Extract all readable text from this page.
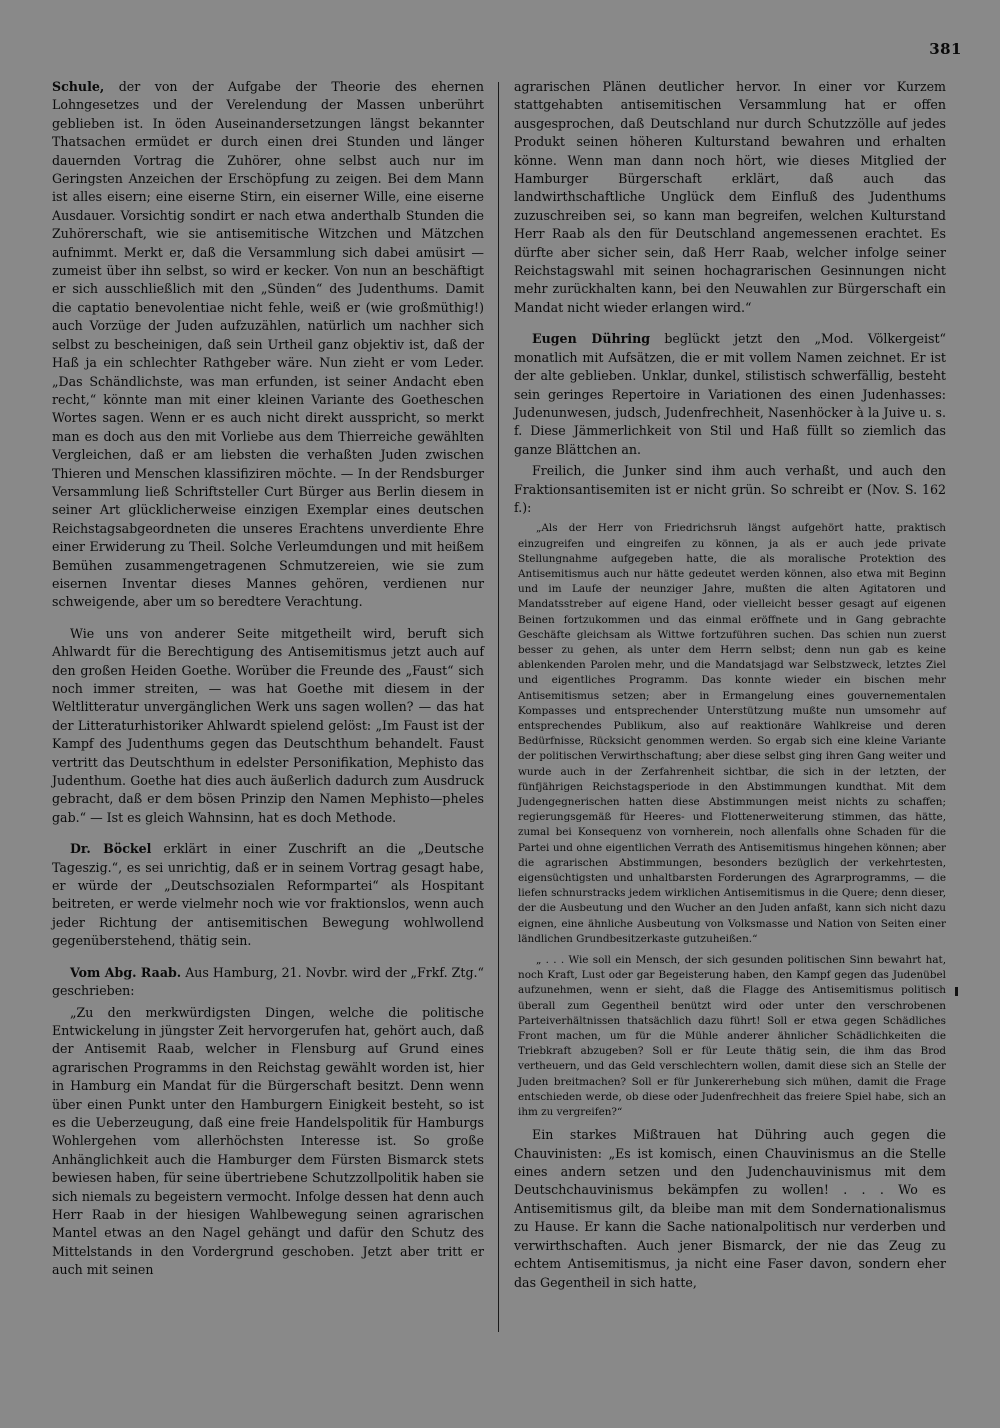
381

Schule, der von der Aufgabe der Theorie des ehernen Lohngesetzes und der Verelendung der Massen unberührt geblieben ist. In öden Auseinandersetzungen längst bekannter Thatsachen ermüdet er durch einen drei Stunden und länger dauernden Vortrag die Zuhörer, ohne selbst auch nur im Geringsten Anzeichen der Erschöpfung zu zeigen. Bei dem Mann ist alles eisern; eine eiserne Stirn, ein eiserner Wille, eine eiserne Ausdauer. Vorsichtig sondirt er nach etwa anderthalb Stunden die Zuhörerschaft, wie sie antisemitische Witzchen und Mätzchen aufnimmt. Merkt er, daß die Versammlung sich dabei amüsirt — zumeist über ihn selbst, so wird er kecker. Von nun an beschäftigt er sich ausschließlich mit den „Sünden“ des Judenthums. Damit die captatio benevolentiae nicht fehle, weiß er (wie großmüthig!) auch Vorzüge der Juden aufzuzählen, natürlich um nachher sich selbst zu bescheinigen, daß sein Urtheil ganz objektiv ist, daß der Haß ja ein schlechter Rathgeber wäre. Nun zieht er vom Leder. „Das Schändlichste, was man erfunden, ist seiner Andacht eben recht,“ könnte man mit einer kleinen Variante des Goetheschen Wortes sagen. Wenn er es auch nicht direkt ausspricht, so merkt man es doch aus den mit Vorliebe aus dem Thierreiche gewählten Vergleichen, daß er am liebsten die verhaßten Juden zwischen Thieren und Menschen klassifiziren möchte. — In der Rendsburger Versammlung ließ Schriftsteller Curt Bürger aus Berlin diesem in seiner Art glücklicherweise einzigen Exemplar eines deutschen Reichstagsabgeordneten die unseres Erachtens unverdiente Ehre einer Erwiderung zu Theil. Solche Verleumdungen und mit heißem Bemühen zusammengetragenen Schmutzereien, wie sie zum eisernen Inventar dieses Mannes gehören, verdienen nur schweigende, aber um so beredtere Verachtung.

Wie uns von anderer Seite mitgetheilt wird, beruft sich Ahlwardt für die Berechtigung des Antisemitismus jetzt auch auf den großen Heiden Goethe. Worüber die Freunde des „Faust“ sich noch immer streiten, — was hat Goethe mit diesem in der Weltlitteratur unvergänglichen Werk uns sagen wollen? — das hat der Litteraturhistoriker Ahlwardt spielend gelöst: „Im Faust ist der Kampf des Judenthums gegen das Deutschthum behandelt. Faust vertritt das Deutschthum in edelster Personifikation, Mephisto das Judenthum. Goethe hat dies auch äußerlich dadurch zum Ausdruck gebracht, daß er dem bösen Prinzip den Namen Mephisto—pheles gab.“ — Ist es gleich Wahnsinn, hat es doch Methode.

Dr. Böckel erklärt in einer Zuschrift an die „Deutsche Tageszig.“, es sei unrichtig, daß er in seinem Vortrag gesagt habe, er würde der „Deutschsozialen Reformpartei“ als Hospitant beitreten, er werde vielmehr noch wie vor fraktionslos, wenn auch jeder Richtung der antisemitischen Bewegung wohlwollend gegenüberstehend, thätig sein.

Vom Abg. Raab. Aus Hamburg, 21. Novbr. wird der „Frkf. Ztg.“ geschrieben:

„Zu den merkwürdigsten Dingen, welche die politische Entwickelung in jüngster Zeit hervorgerufen hat, gehört auch, daß der Antisemit Raab, welcher in Flensburg auf Grund eines agrarischen Programms in den Reichstag gewählt worden ist, hier in Hamburg ein Mandat für die Bürgerschaft besitzt. Denn wenn über einen Punkt unter den Hamburgern Einigkeit besteht, so ist es die Ueberzeugung, daß eine freie Handelspolitik für Hamburgs Wohlergehen vom allerhöchsten Interesse ist. So große Anhänglichkeit auch die Hamburger dem Fürsten Bismarck stets bewiesen haben, für seine übertriebene Schutzzollpolitik haben sie sich niemals zu begeistern vermocht. Infolge dessen hat denn auch Herr Raab in der hiesigen Wahlbewegung seinen agrarischen Mantel etwas an den Nagel gehängt und dafür den Schutz des Mittelstands in den Vordergrund geschoben. Jetzt aber tritt er auch mit seinen

agrarischen Plänen deutlicher hervor. In einer vor Kurzem stattgehabten antisemitischen Versammlung hat er offen ausgesprochen, daß Deutschland nur durch Schutzzölle auf jedes Produkt seinen höheren Kulturstand bewahren und erhalten könne. Wenn man dann noch hört, wie dieses Mitglied der Hamburger Bürgerschaft erklärt, daß auch das landwirthschaftliche Unglück dem Einfluß des Judenthums zuzuschreiben sei, so kann man begreifen, welchen Kulturstand Herr Raab als den für Deutschland angemessenen erachtet. Es dürfte aber sicher sein, daß Herr Raab, welcher infolge seiner Reichstagswahl mit seinen hochagrarischen Gesinnungen nicht mehr zurückhalten kann, bei den Neuwahlen zur Bürgerschaft ein Mandat nicht wieder erlangen wird.“

Eugen Dühring beglückt jetzt den „Mod. Völkergeist“ monatlich mit Aufsätzen, die er mit vollem Namen zeichnet. Er ist der alte geblieben. Unklar, dunkel, stilistisch schwerfällig, besteht sein geringes Repertoire in Variationen des einen Judenhasses: Judenunwesen, judsch, Judenfrechheit, Nasenhöcker à la Juive u. s. f. Diese Jämmerlichkeit von Stil und Haß füllt so ziemlich das ganze Blättchen an.

Freilich, die Junker sind ihm auch verhaßt, und auch den Fraktionsantisemiten ist er nicht grün. So schreibt er (Nov. S. 162 f.):

„Als der Herr von Friedrichsruh längst aufgehört hatte, praktisch einzugreifen und eingreifen zu können, ja als er auch jede private Stellungnahme aufgegeben hatte, die als moralische Protektion des Antisemitismus auch nur hätte gedeutet werden können, also etwa mit Beginn und im Laufe der neunziger Jahre, mußten die alten Agitatoren und Mandatsstreber auf eigene Hand, oder vielleicht besser gesagt auf eigenen Beinen fortzukommen und das einmal eröffnete und in Gang gebrachte Geschäfte gleichsam als Wittwe fortzuführen suchen. Das schien nun zuerst besser zu gehen, als unter dem Herrn selbst; denn nun gab es keine ablenkenden Parolen mehr, und die Mandatsjagd war Selbstzweck, letztes Ziel und eigentliches Programm. Das konnte wieder ein bischen mehr Antisemitismus setzen; aber in Ermangelung eines gouvernementalen Kompasses und entsprechender Unterstützung mußte nun umsomehr auf entsprechendes Publikum, also auf reaktionäre Wahlkreise und deren Bedürfnisse, Rücksicht genommen werden. So ergab sich eine kleine Variante der politischen Verwirthschaftung; aber diese selbst ging ihren Gang weiter und wurde auch in der Zerfahrenheit sichtbar, die sich in der letzten, der fünfjährigen Reichstagsperiode in den Abstimmungen kundthat. Mit dem Judengegnerischen hatten diese Abstimmungen meist nichts zu schaffen; regierungsgemäß für Heeres- und Flottenerweiterung stimmen, das hätte, zumal bei Konsequenz von vornherein, noch allenfalls ohne Schaden für die Partei und ohne eigentlichen Verrath des Antisemitismus hingehen können; aber die agrarischen Abstimmungen, besonders bezüglich der verkehrtesten, eigensüchtigsten und unhaltbarsten Forderungen des Agrarprogramms, — die liefen schnurstracks jedem wirklichen Antisemitismus in die Quere; denn dieser, der die Ausbeutung und den Wucher an den Juden anfaßt, kann sich nicht dazu eignen, eine ähnliche Ausbeutung von Volksmasse und Nation von Seiten einer ländlichen Grundbesitzerkaste gutzuheißen.“

„ . . . Wie soll ein Mensch, der sich gesunden politischen Sinn bewahrt hat, noch Kraft, Lust oder gar Begeisterung haben, den Kampf gegen das Judenübel aufzunehmen, wenn er sieht, daß die Flagge des Antisemitismus politisch überall zum Gegentheil benützt wird oder unter den verschrobenen Parteiverhältnissen thatsächlich dazu führt! Soll er etwa gegen Schädliches Front machen, um für die Mühle anderer ähnlicher Schädlichkeiten die Triebkraft abzugeben? Soll er für Leute thätig sein, die ihm das Brod vertheuern, und das Geld verschlechtern wollen, damit diese sich an Stelle der Juden breitmachen? Soll er für Junkererhebung sich mühen, damit die Frage entschieden werde, ob diese oder Judenfrechheit das freiere Spiel habe, sich an ihm zu vergreifen?“

Ein starkes Mißtrauen hat Dühring auch gegen die Chauvinisten: „Es ist komisch, einen Chauvinismus an die Stelle eines andern setzen und den Judenchauvinismus mit dem Deutschchauvinismus bekämpfen zu wollen! . . . Wo es Antisemitismus gilt, da bleibe man mit dem Sondernationalismus zu Hause. Er kann die Sache nationalpolitisch nur verderben und verwirthschaften. Auch jener Bismarck, der nie das Zeug zu echtem Antisemitismus, ja nicht eine Faser davon, sondern eher das Gegentheil in sich hatte,
